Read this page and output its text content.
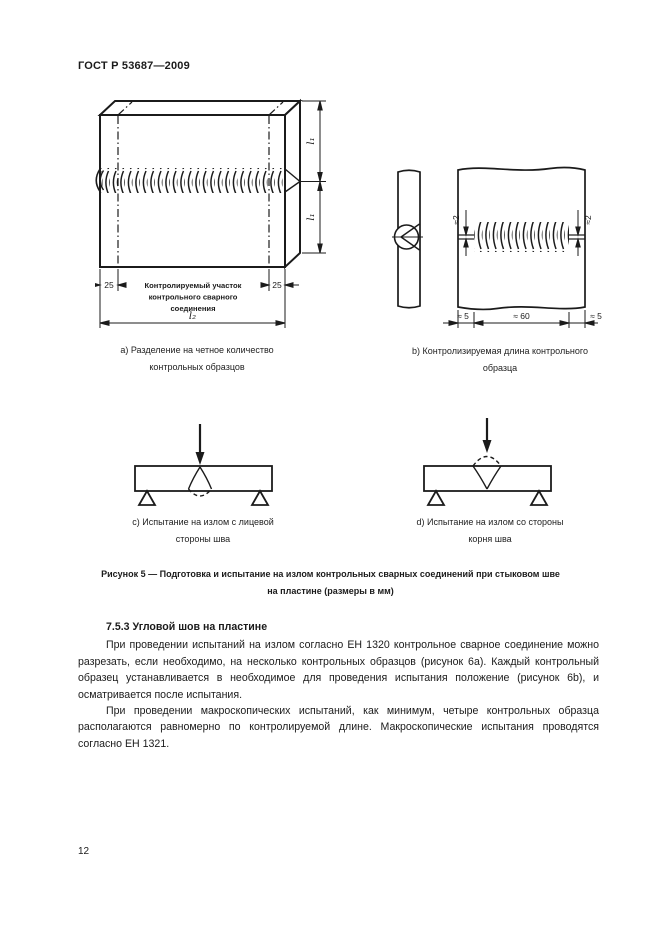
ГОСТ Р 53687—2009
l₁
l₁
25	25
Контролируемый участок
контрольного сварного
соединения
l₂
a) Разделение на четное количество
контрольных образцов
≈2	≈2
≈ 5	≈ 60	≈ 5
b) Контролизируемая длина контрольного
образца
c) Испытание на излом с лицевой
стороны шва
d) Испытание на излом со стороны
корня шва
Рисунок 5 — Подготовка и испытание на излом контрольных сварных соединений при стыковом шве
на пластине (размеры в мм)
7.5.3 Угловой шов на пластине

При проведении испытаний на излом согласно ЕН 1320 контрольное сварное соединение можно разрезать, если необходимо, на несколько контрольных образцов (рисунок 6а). Каждый контрольный образец устанавливается в необходимое для проведения испытания положение (рисунок 6b), и осматривается после испытания.

При проведении макроскопических испытаний, как минимум, четыре контрольных образца располагаются равномерно по контролируемой длине. Макроскопические испытания проводятся согласно ЕН 1321.

12
